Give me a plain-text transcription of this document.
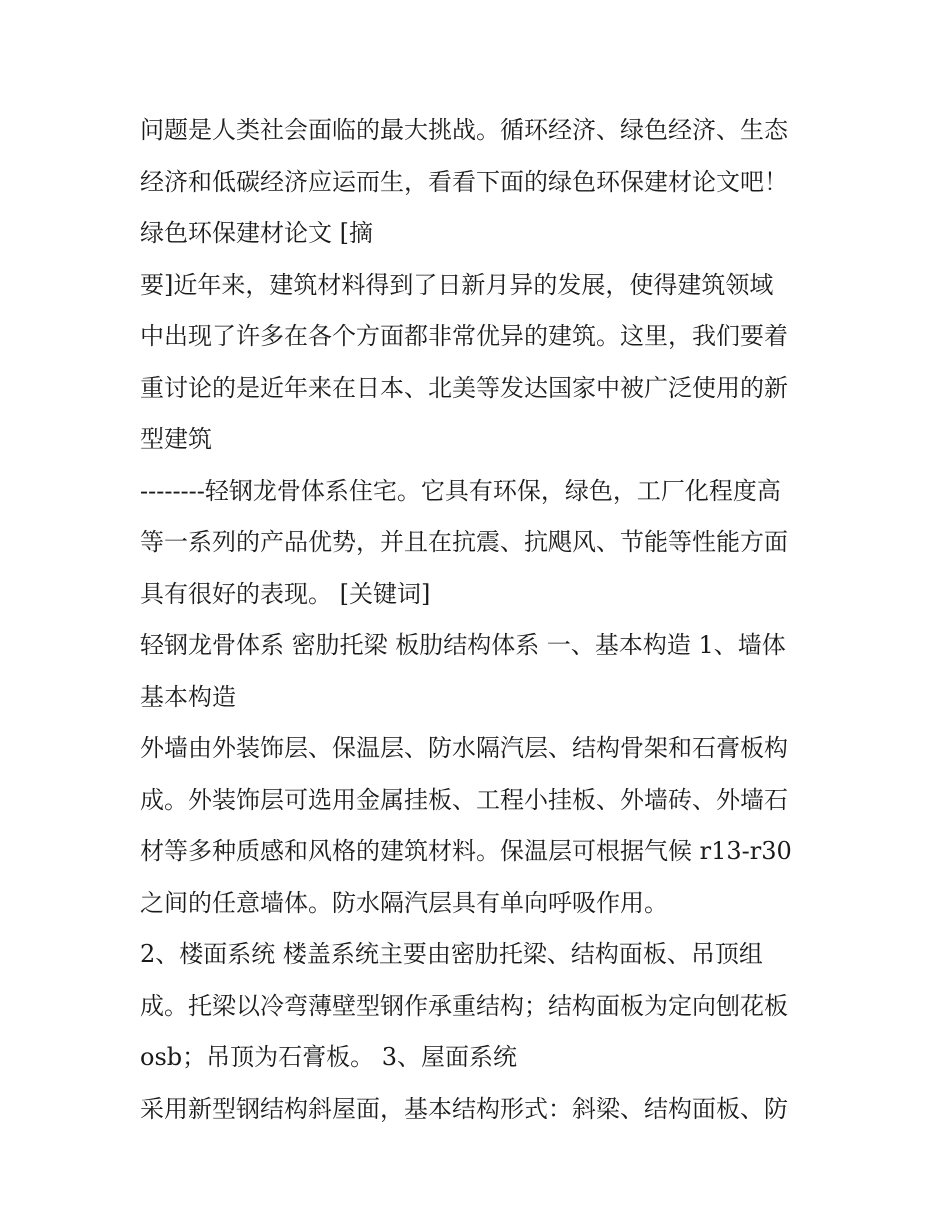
问题是人类社会面临的最大挑战。循环经济、绿色经济、生态
经济和低碳经济应运而生，看看下面的绿色环保建材论文吧！
绿色环保建材论文 [摘
要]近年来，建筑材料得到了日新月异的发展，使得建筑领域
中出现了许多在各个方面都非常优异的建筑。这里，我们要着
重讨论的是近年来在日本、北美等发达国家中被广泛使用的新
型建筑
--------轻钢龙骨体系住宅。它具有环保，绿色，工厂化程度高
等一系列的产品优势，并且在抗震、抗飓风、节能等性能方面
具有很好的表现。 [关键词]
轻钢龙骨体系 密肋托梁 板肋结构体系 一、基本构造 1、墙体
基本构造
外墙由外装饰层、保温层、防水隔汽层、结构骨架和石膏板构
成。外装饰层可选用金属挂板、工程小挂板、外墙砖、外墙石
材等多种质感和风格的建筑材料。保温层可根据气候 r13-r30
之间的任意墙体。防水隔汽层具有单向呼吸作用。
2、楼面系统 楼盖系统主要由密肋托梁、结构面板、吊顶组
成。托梁以冷弯薄壁型钢作承重结构；结构面板为定向刨花板
osb；吊顶为石膏板。 3、屋面系统
采用新型钢结构斜屋面，基本结构形式：斜梁、结构面板、防
